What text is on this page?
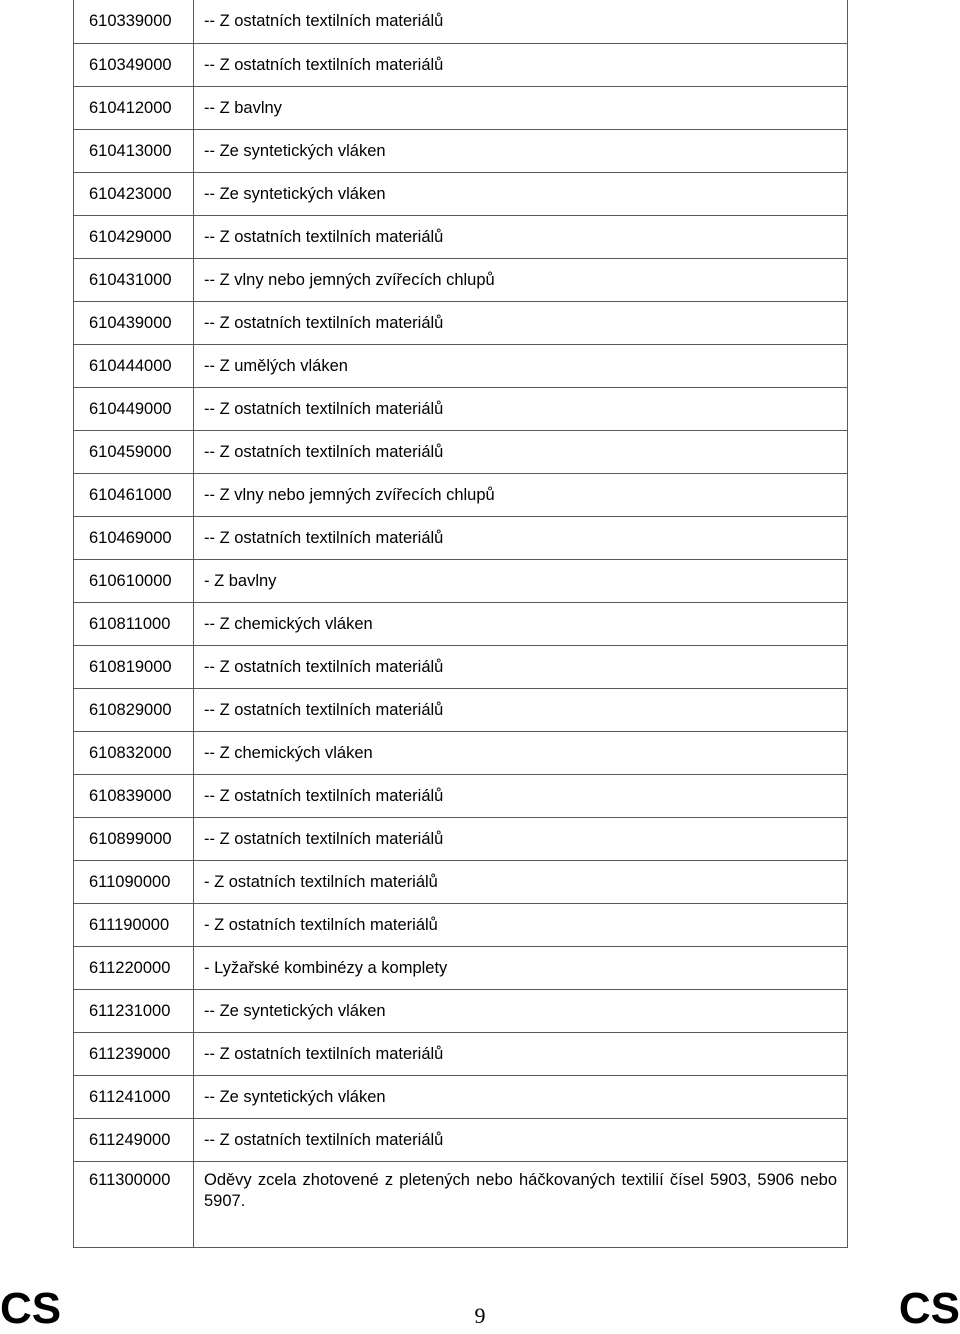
610339000	-- Z ostatních textilních materiálů
610349000	-- Z ostatních textilních materiálů
610412000	-- Z bavlny
610413000	-- Ze syntetických vláken
610423000	-- Ze syntetických vláken
610429000	-- Z ostatních textilních materiálů
610431000	-- Z vlny nebo jemných zvířecích chlupů
610439000	-- Z ostatních textilních materiálů
610444000	-- Z umělých vláken
610449000	-- Z ostatních textilních materiálů
610459000	-- Z ostatních textilních materiálů
610461000	-- Z vlny nebo jemných zvířecích chlupů
610469000	-- Z ostatních textilních materiálů
610610000	- Z bavlny
610811000	-- Z chemických vláken
610819000	-- Z ostatních textilních materiálů
610829000	-- Z ostatních textilních materiálů
610832000	-- Z chemických vláken
610839000	-- Z ostatních textilních materiálů
610899000	-- Z ostatních textilních materiálů
611090000	- Z ostatních textilních materiálů
611190000	- Z ostatních textilních materiálů
611220000	- Lyžařské kombinézy a komplety
611231000	-- Ze syntetických vláken
611239000	-- Z ostatních textilních materiálů
611241000	-- Ze syntetických vláken
611249000	-- Z ostatních textilních materiálů
611300000	Oděvy zcela zhotovené z pletených nebo háčkovaných textilií čísel 5903, 5906 nebo 5907.
CS	9	CS
